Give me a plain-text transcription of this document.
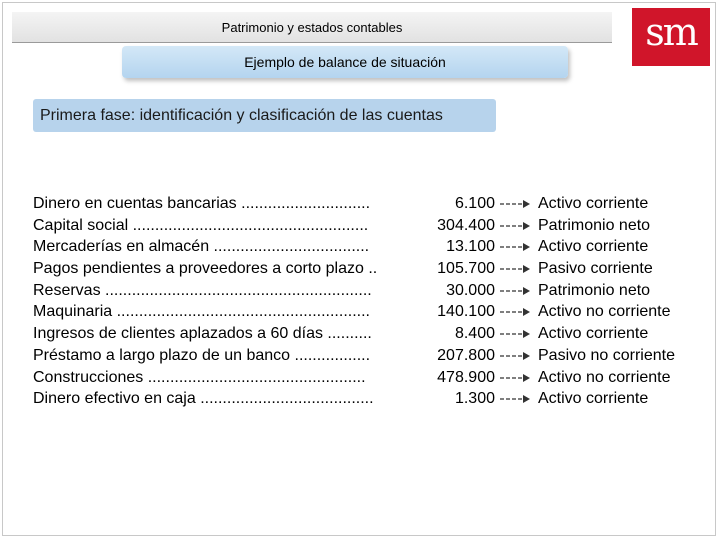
Patrimonio y estados contables	sm
Ejemplo de balance de situación
Primera fase: identificación y clasificación de las cuentas
Dinero en cuentas bancarias .............................	6.100	Activo corriente
Capital social .....................................................	304.400	Patrimonio neto
Mercaderías en almacén ...................................	13.100	Activo corriente
Pagos pendientes a proveedores a corto plazo ..	105.700	Pasivo corriente
Reservas ............................................................	30.000	Patrimonio neto
Maquinaria .........................................................	140.100	Activo no corriente
Ingresos de clientes aplazados a 60 días ..........	8.400	Activo corriente
Préstamo a largo plazo de un banco .................	207.800	Pasivo no corriente
Construcciones .................................................	478.900	Activo no corriente
Dinero efectivo en caja .......................................	1.300	Activo corriente
